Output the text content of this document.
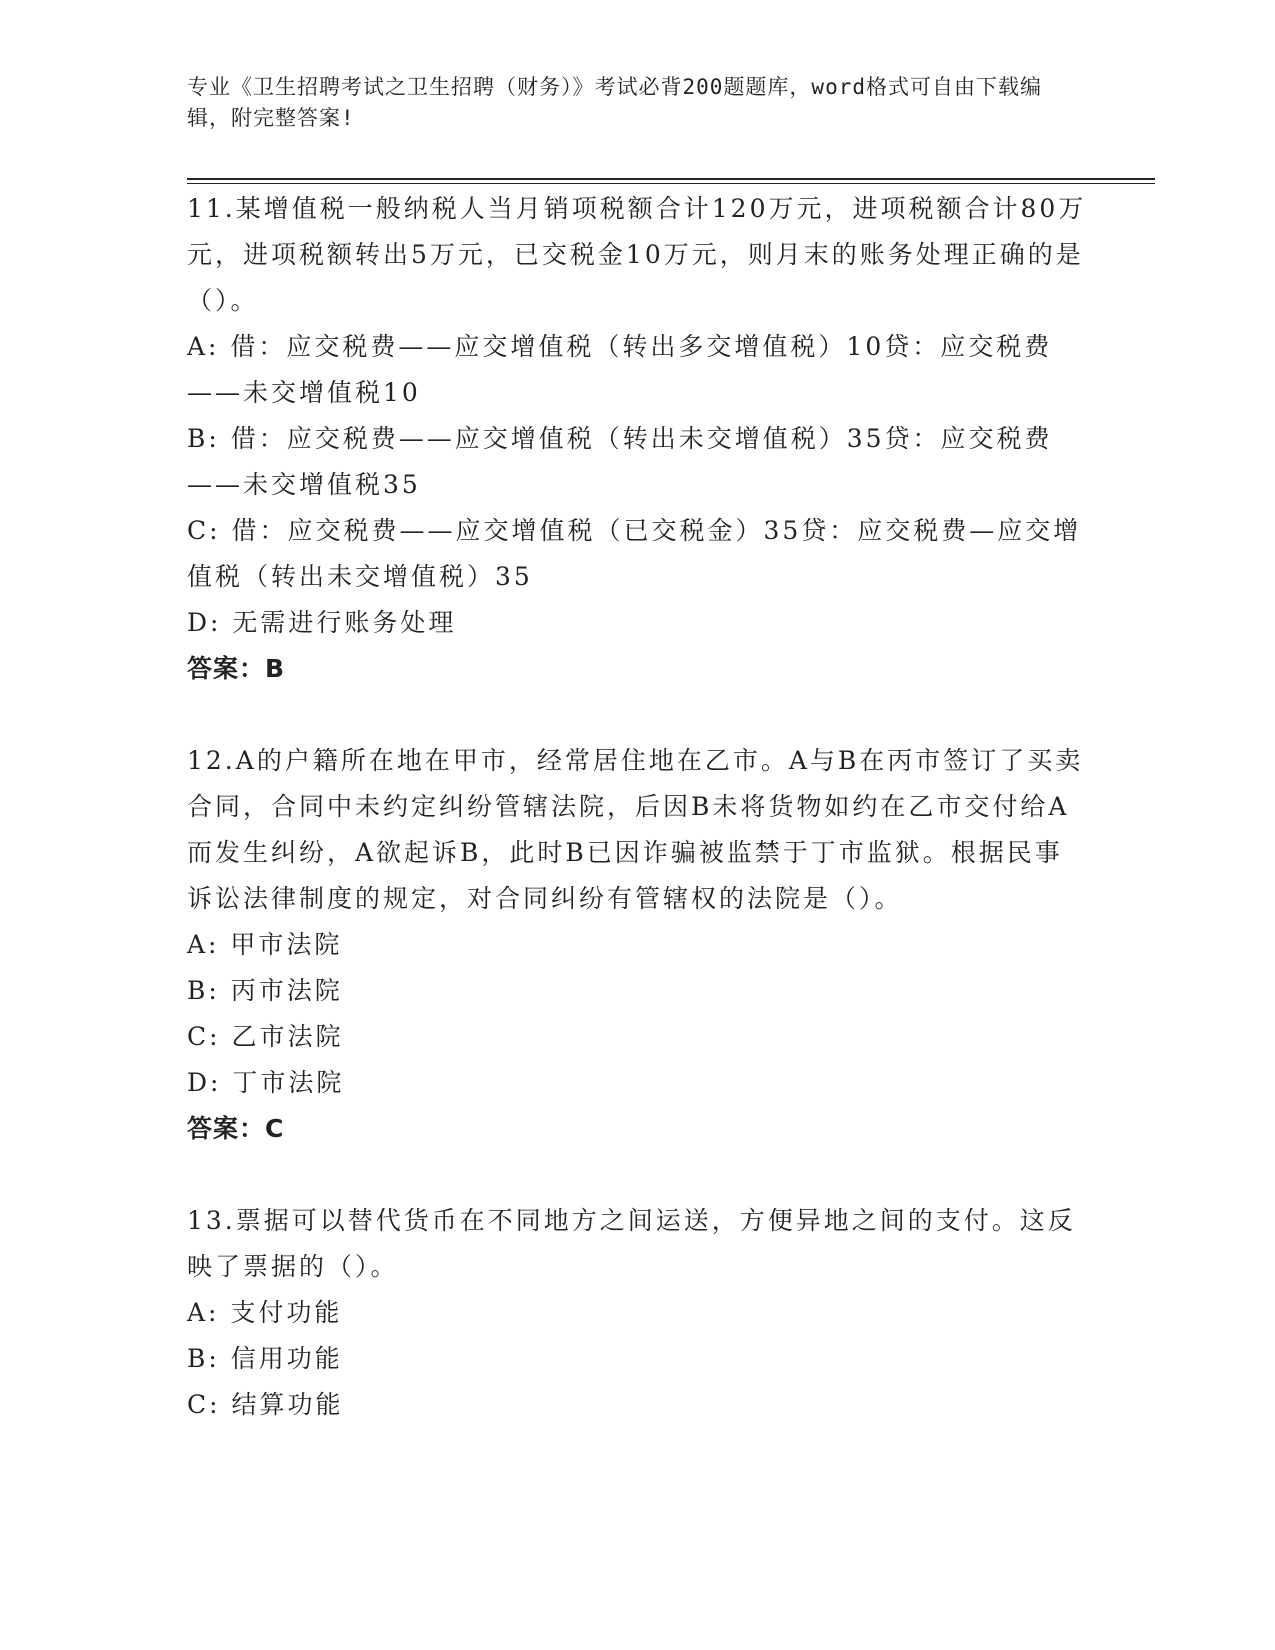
专业《卫生招聘考试之卫生招聘（财务）》考试必背200题题库，word格式可自由下载编辑，附完整答案!

11.某增值税一般纳税人当月销项税额合计120万元，进项税额合计80万元，进项税额转出5万元，已交税金10万元，则月末的账务处理正确的是（）。

A: 借：应交税费——应交增值税（转出多交增值税）10贷：应交税费——未交增值税10

B: 借：应交税费——应交增值税（转出未交增值税）35贷：应交税费——未交增值税35

C: 借：应交税费——应交增值税（已交税金）35贷：应交税费—应交增值税（转出未交增值税）35

D: 无需进行账务处理

答案：B

12.A的户籍所在地在甲市，经常居住地在乙市。A与B在丙市签订了买卖合同，合同中未约定纠纷管辖法院，后因B未将货物如约在乙市交付给A而发生纠纷，A欲起诉B，此时B已因诈骗被监禁于丁市监狱。根据民事诉讼法律制度的规定，对合同纠纷有管辖权的法院是（）。

A: 甲市法院

B: 丙市法院

C: 乙市法院

D: 丁市法院

答案：C

13.票据可以替代货币在不同地方之间运送，方便异地之间的支付。这反映了票据的（）。

A: 支付功能

B: 信用功能

C: 结算功能
